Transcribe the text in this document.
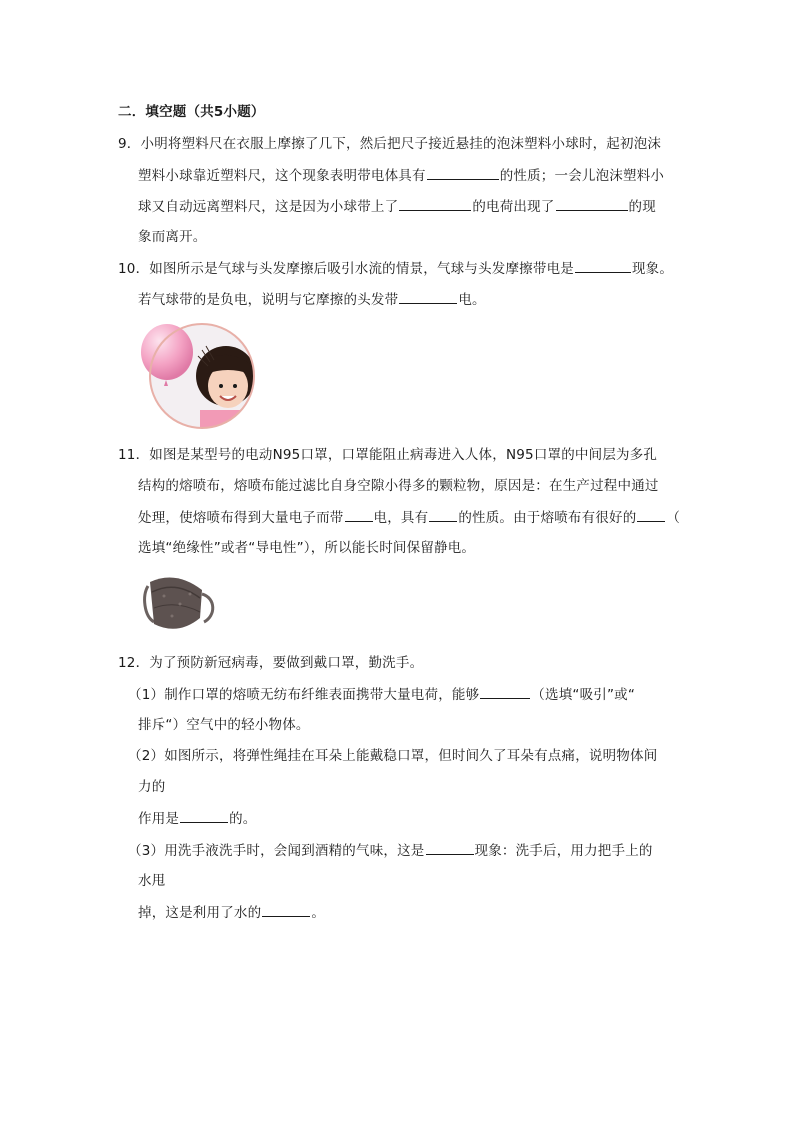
二．填空题（共5小题）
9．小明将塑料尺在衣服上摩擦了几下，然后把尺子接近悬挂的泡沫塑料小球时，起初泡沫
塑料小球靠近塑料尺，这个现象表明带电体具有	的性质；一会儿泡沫塑料小
球又自动远离塑料尺，这是因为小球带上了	的电荷出现了	的现
象而离开。
10．如图所示是气球与头发摩擦后吸引水流的情景，气球与头发摩擦带电是	现象。
若气球带的是负电，说明与它摩擦的头发带	电。
11．如图是某型号的电动N95口罩，口罩能阻止病毒进入人体，N95口罩的中间层为多孔
结构的熔喷布，熔喷布能过滤比自身空隙小得多的颗粒物，原因是：在生产过程中通过
处理，使熔喷布得到大量电子而带 电，具有 的性质。由于熔喷布有很好的 （
选填“绝缘性”或者“导电性”），所以能长时间保留静电。
12．为了预防新冠病毒，要做到戴口罩，勤洗手。
（1）制作口罩的熔喷无纺布纤维表面携带大量电荷，能够	（选填“吸引”或“
排斥“）空气中的轻小物体。
（2）如图所示，将弹性绳挂在耳朵上能戴稳口罩，但时间久了耳朵有点痛，说明物体间
力的
作用是	的。
（3）用洗手液洗手时，会闻到酒精的气味，这是	现象：洗手后，用力把手上的
水甩
掉，这是利用了水的	。
